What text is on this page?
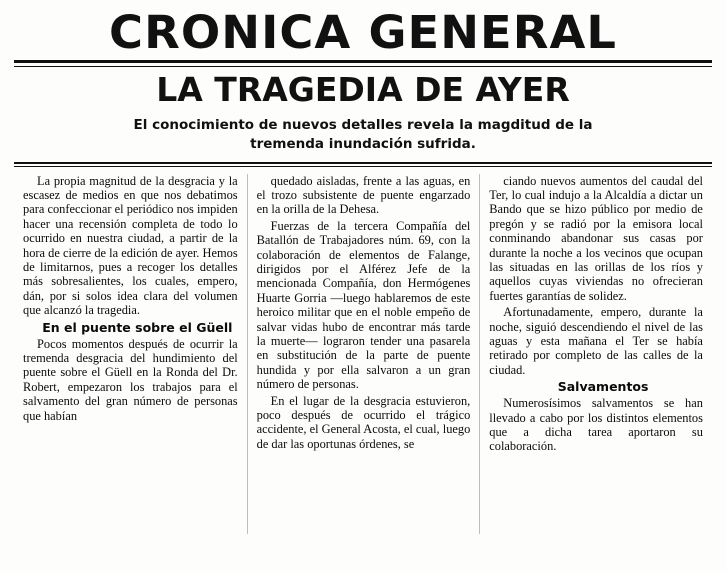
CRONICA GENERAL
LA TRAGEDIA DE AYER
El conocimiento de nuevos detalles revela la magditud de la
tremenda inundación sufrida.

La propia magnitud de la desgracia y la escasez de medios en que nos debatimos para confeccionar el periódico nos impiden hacer una recensión completa de todo lo ocurrido en nuestra ciudad, a partir de la hora de cierre de la edición de ayer. Hemos de limitarnos, pues a recoger los detalles más sobresalientes, los cuales, empero, dán, por si solos idea clara del volumen que alcanzó la tragedia.

En el puente sobre el Güell

Pocos momentos después de ocurrir la tremenda desgracia del hundimiento del puente sobre el Güell en la Ronda del Dr. Robert, empezaron los trabajos para el salvamento del gran número de personas que habían

quedado aisladas, frente a las aguas, en el trozo subsistente de puente engarzado en la orilla de la Dehesa.

Fuerzas de la tercera Compañía del Batallón de Trabajadores núm. 69, con la colaboración de elementos de Falange, dirigidos por el Alférez Jefe de la mencionada Compañía, don Hermógenes Huarte Gorria —luego hablaremos de este heroico militar que en el noble empeño de salvar vidas hubo de encontrar más tarde la muerte— lograron tender una pasarela en substitución de la parte de puente hundida y por ella salvaron a un gran número de personas.

En el lugar de la desgracia estuvieron, poco después de ocurrido el trágico accidente, el General Acosta, el cual, luego de dar las oportunas órdenes, se

ciando nuevos aumentos del caudal del Ter, lo cual indujo a la Alcaldía a dictar un Bando que se hizo público por medio de pregón y se radió por la emisora local conminando abandonar sus casas por durante la noche a los vecinos que ocupan las situadas en las orillas de los ríos y aquellos cuyas viviendas no ofrecieran fuertes garantías de solidez.

Afortunadamente, empero, durante la noche, siguió descendiendo el nivel de las aguas y esta mañana el Ter se había retirado por completo de las calles de la ciudad.

Salvamentos

Numerosísimos salvamentos se han llevado a cabo por los distintos elementos que a dicha tarea aportaron su colaboración.
